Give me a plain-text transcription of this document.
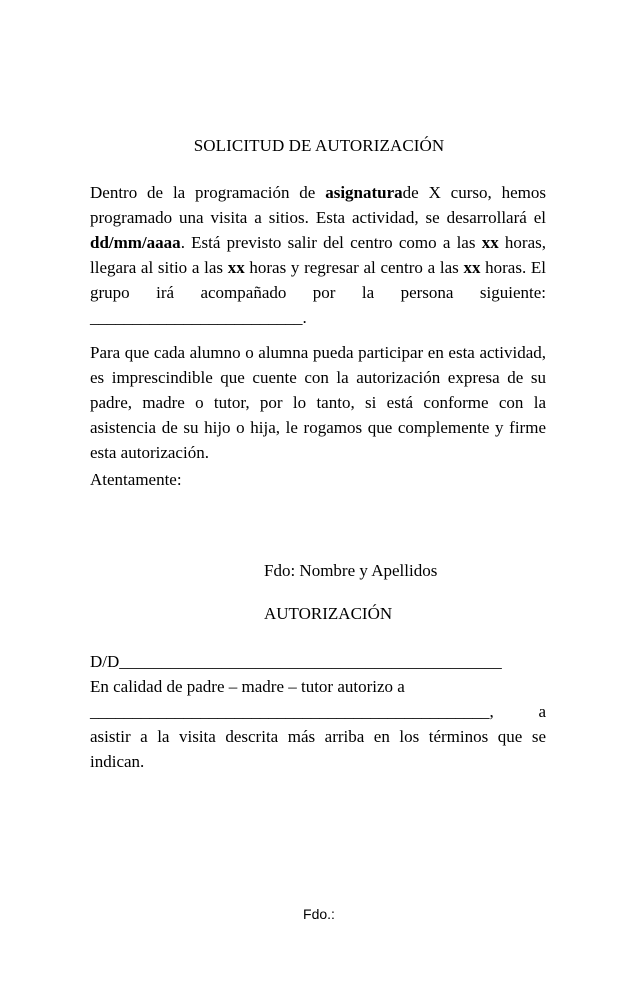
SOLICITUD DE AUTORIZACIÓN
Dentro de la programación de asignaturade X curso, hemos programado una visita a sitios. Esta actividad, se desarrollará el dd/mm/aaaa. Está previsto salir del centro como a las xx horas, llegara al sitio a las xx horas y regresar al centro a las xx horas. El grupo irá acompañado por la persona siguiente: _________________________.
Para que cada alumno o alumna pueda participar en esta actividad, es imprescindible que cuente con la autorización expresa de su padre, madre o tutor, por lo tanto, si está conforme con la asistencia de su hijo o hija, le rogamos que complemente y firme esta autorización.
Atentamente:
Fdo: Nombre y Apellidos
AUTORIZACIÓN
D/D_____________________________________________
En calidad de padre – madre – tutor autorizo a
_______________________________________________,	a
asistir a la visita descrita más arriba en los términos que se indican.
Fdo.:
